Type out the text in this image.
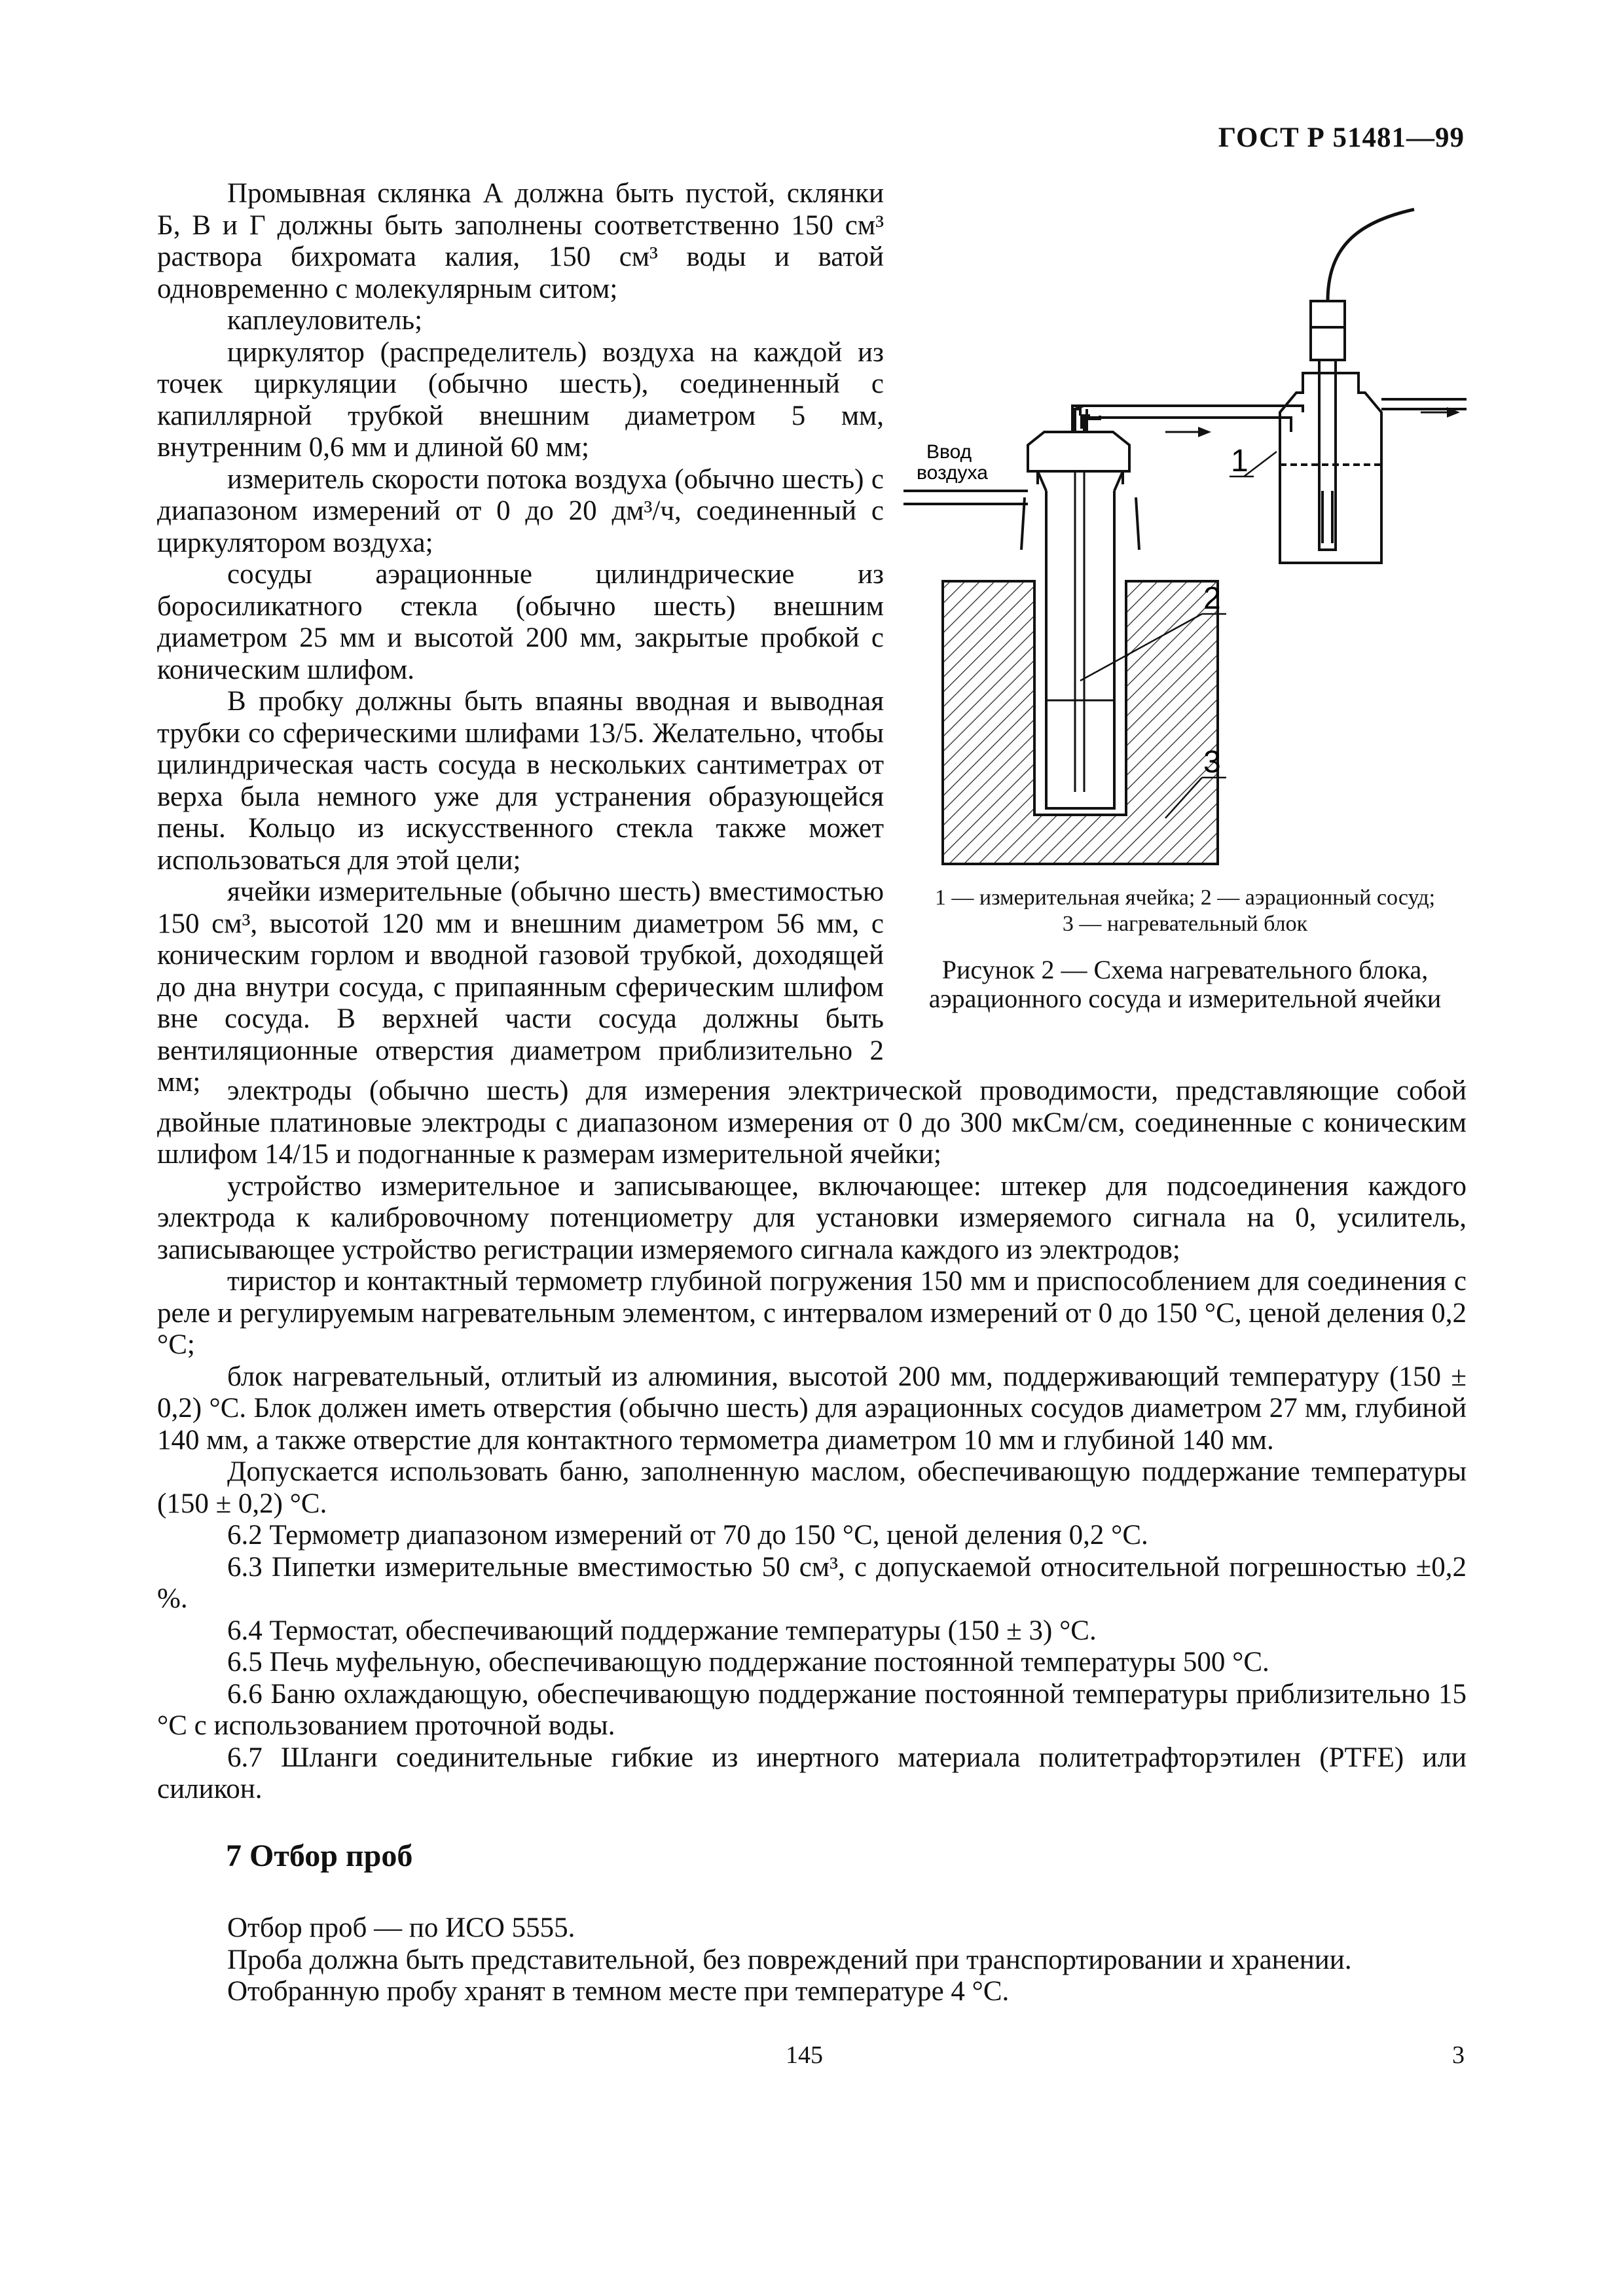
ГОСТ Р 51481—99

Промывная склянка А должна быть пустой, склянки Б, В и Г должны быть заполнены соответственно 150 см³ раствора бихромата калия, 150 см³ воды и ватой одновременно с молекулярным ситом;

каплеуловитель;

циркулятор (распределитель) воздуха на каждой из точек циркуляции (обычно шесть), соединенный с капиллярной трубкой внешним диаметром 5 мм, внутренним 0,6 мм и длиной 60 мм;

измеритель скорости потока воздуха (обычно шесть) с диапазоном измерений от 0 до 20 дм³/ч, соединенный с циркулятором воздуха;

сосуды аэрационные цилиндрические из боросиликатного стекла (обычно шесть) внешним диаметром 25 мм и высотой 200 мм, закрытые пробкой с коническим шлифом.

В пробку должны быть впаяны вводная и выводная трубки со сферическими шлифами 13/5. Желательно, чтобы цилиндрическая часть сосуда в нескольких сантиметрах от верха была немного уже для устранения образующейся пены. Кольцо из искусственного стекла также может использоваться для этой цели;

ячейки измерительные (обычно шесть) вместимостью 150 см³, высотой 120 мм и внешним диаметром 56 мм, с коническим горлом и вводной газовой трубкой, доходящей до дна внутри сосуда, с припаянным сферическим шлифом вне сосуда. В верхней части сосуда должны быть вентиляционные отверстия диаметром приблизительно 2 мм;

Ввод
воздуха	1
2
3
1 — измерительная ячейка; 2 — аэрационный сосуд;
3 — нагревательный блок
Рисунок 2 — Схема нагревательного блока, аэрационного сосуда и измерительной ячейки

электроды (обычно шесть) для измерения электрической проводимости, представляющие собой двойные платиновые электроды с диапазоном измерения от 0 до 300 мкСм/см, соединенные с коническим шлифом 14/15 и подогнанные к размерам измерительной ячейки;

устройство измерительное и записывающее, включающее: штекер для подсоединения каждого электрода к калибровочному потенциометру для установки измеряемого сигнала на 0, усилитель, записывающее устройство регистрации измеряемого сигнала каждого из электродов;

тиристор и контактный термометр глубиной погружения 150 мм и приспособлением для соединения с реле и регулируемым нагревательным элементом, с интервалом измерений от 0 до 150 °С, ценой деления 0,2 °С;

блок нагревательный, отлитый из алюминия, высотой 200 мм, поддерживающий температуру (150 ± 0,2) °С. Блок должен иметь отверстия (обычно шесть) для аэрационных сосудов диаметром 27 мм, глубиной 140 мм, а также отверстие для контактного термометра диаметром 10 мм и глубиной 140 мм.

Допускается использовать баню, заполненную маслом, обеспечивающую поддержание температуры (150 ± 0,2) °С.

6.2 Термометр диапазоном измерений от 70 до 150 °С, ценой деления 0,2 °С.

6.3 Пипетки измерительные вместимостью 50 см³, с допускаемой относительной погрешностью ±0,2 %.

6.4 Термостат, обеспечивающий поддержание температуры (150 ± 3) °С.

6.5 Печь муфельную, обеспечивающую поддержание постоянной температуры 500 °С.

6.6 Баню охлаждающую, обеспечивающую поддержание постоянной температуры приблизительно 15 °С с использованием проточной воды.

6.7 Шланги соединительные гибкие из инертного материала политетрафторэтилен (PTFE) или силикон.

7 Отбор проб

Отбор проб — по ИСО 5555.

Проба должна быть представительной, без повреждений при транспортировании и хранении.

Отобранную пробу хранят в темном месте при температуре 4 °С.

145	3
